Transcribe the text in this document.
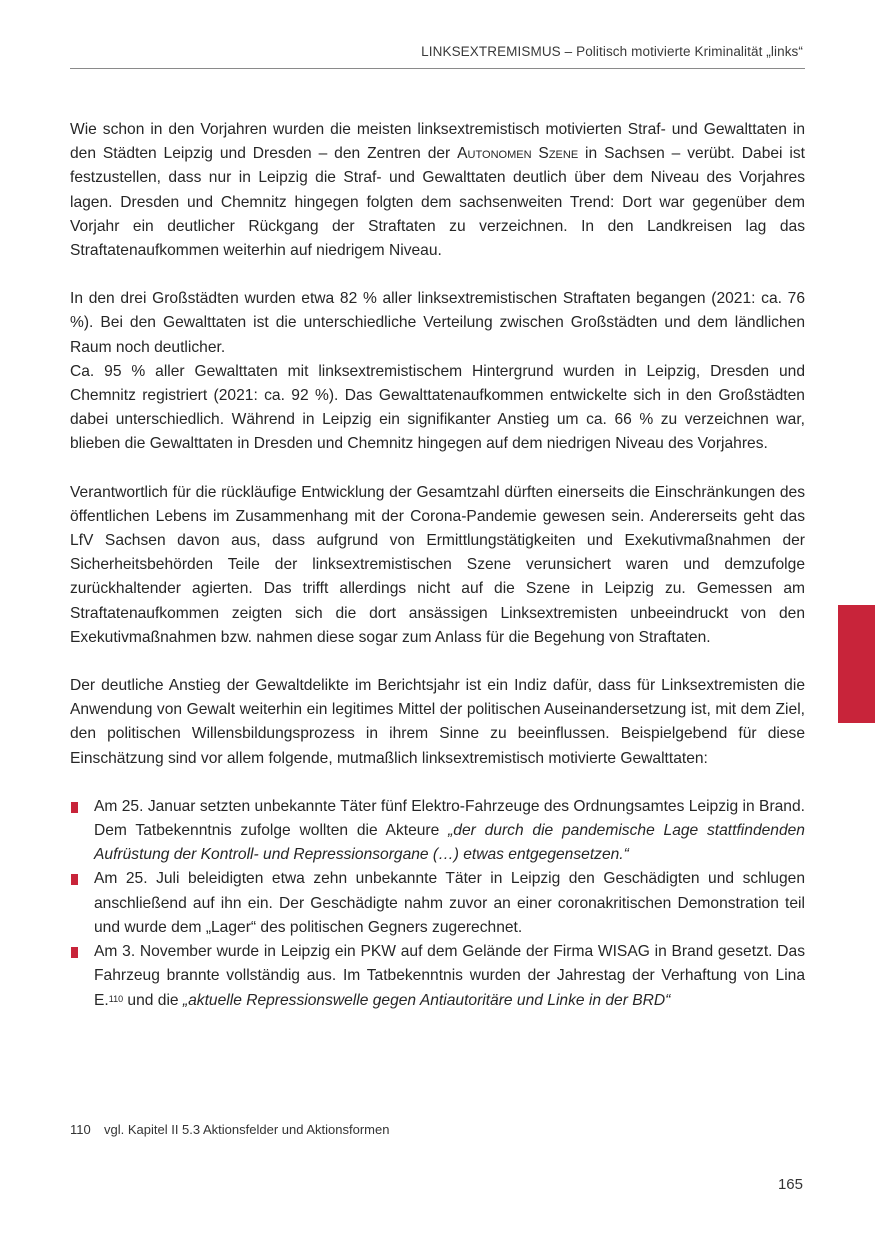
LINKSEXTREMISMUS – Politisch motivierte Kriminalität „links“

Wie schon in den Vorjahren wurden die meisten linksextremistisch motivierten Straf- und Gewalttaten in den Städten Leipzig und Dresden – den Zentren der Autonomen Szene in Sachsen – verübt. Dabei ist festzustellen, dass nur in Leipzig die Straf- und Gewalttaten deutlich über dem Niveau des Vorjahres lagen. Dresden und Chemnitz hingegen folgten dem sachsenweiten Trend: Dort war gegenüber dem Vorjahr ein deutlicher Rückgang der Straftaten zu verzeichnen. In den Landkreisen lag das Straftatenaufkommen weiterhin auf niedrigem Niveau.

In den drei Großstädten wurden etwa 82 % aller linksextremistischen Straftaten begangen (2021: ca. 76 %). Bei den Gewalttaten ist die unterschiedliche Verteilung zwischen Großstädten und dem ländlichen Raum noch deutlicher.

Ca. 95 % aller Gewalttaten mit linksextremistischem Hintergrund wurden in Leipzig, Dresden und Chemnitz registriert (2021: ca. 92 %). Das Gewalttatenaufkommen entwickelte sich in den Großstädten dabei unterschiedlich. Während in Leipzig ein signifikanter Anstieg um ca. 66 % zu verzeichnen war, blieben die Gewalttaten in Dresden und Chemnitz hingegen auf dem niedrigen Niveau des Vorjahres.

Verantwortlich für die rückläufige Entwicklung der Gesamtzahl dürften einerseits die Einschränkungen des öffentlichen Lebens im Zusammenhang mit der Corona-Pandemie gewesen sein. Andererseits geht das LfV Sachsen davon aus, dass aufgrund von Ermittlungstätigkeiten und Exekutivmaßnahmen der Sicherheitsbehörden Teile der linksextremistischen Szene verunsichert waren und demzufolge zurückhaltender agierten. Das trifft allerdings nicht auf die Szene in Leipzig zu. Gemessen am Straftatenaufkommen zeigten sich die dort ansässigen Linksextremisten unbeeindruckt von den Exekutivmaßnahmen bzw. nahmen diese sogar zum Anlass für die Begehung von Straftaten.

Der deutliche Anstieg der Gewaltdelikte im Berichtsjahr ist ein Indiz dafür, dass für Linksextremisten die Anwendung von Gewalt weiterhin ein legitimes Mittel der politischen Auseinandersetzung ist, mit dem Ziel, den politischen Willensbildungsprozess in ihrem Sinne zu beeinflussen. Beispielgebend für diese Einschätzung sind vor allem folgende, mutmaßlich linksextremistisch motivierte Gewalttaten:

Am 25. Januar setzten unbekannte Täter fünf Elektro-Fahrzeuge des Ordnungsamtes Leipzig in Brand. Dem Tatbekenntnis zufolge wollten die Akteure „der durch die pandemische Lage stattfindenden Aufrüstung der Kontroll- und Repressionsorgane (…) etwas entgegensetzen.“
Am 25. Juli beleidigten etwa zehn unbekannte Täter in Leipzig den Geschädigten und schlugen anschließend auf ihn ein. Der Geschädigte nahm zuvor an einer coronakritischen Demonstration teil und wurde dem „Lager“ des politischen Gegners zugerechnet.
Am 3. November wurde in Leipzig ein PKW auf dem Gelände der Firma WISAG in Brand gesetzt. Das Fahrzeug brannte vollständig aus. Im Tatbekenntnis wurden der Jahrestag der Verhaftung von Lina E.$^{110}$ und die „aktuelle Repressionswelle gegen Antiautoritäre und Linke in der BRD“
110 vgl. Kapitel II 5.3 Aktionsfelder und Aktionsformen
165
